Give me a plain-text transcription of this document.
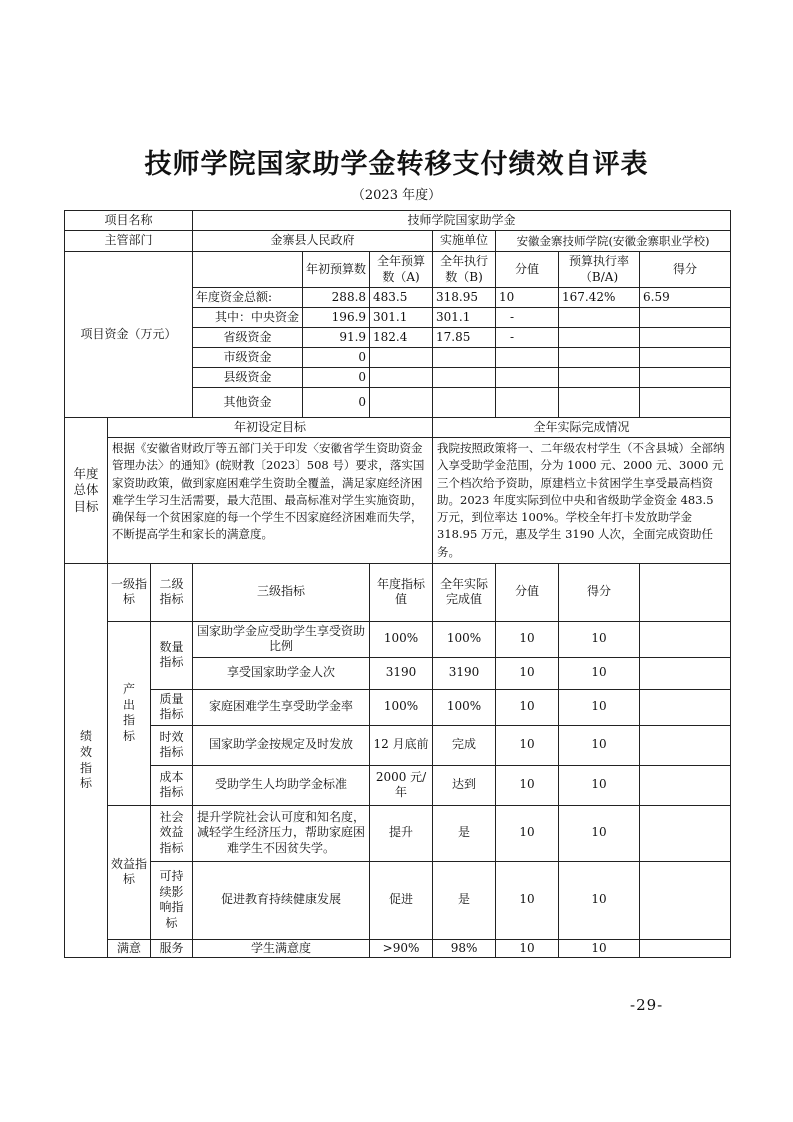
技师学院国家助学金转移支付绩效自评表
（2023 年度）
项目名称			技师学院国家助学金						
主管部门			金寨县人民政府			实施单位	安徽金寨技师学院(安徽金寨职业学校)		
项目资金（万元）				年初预算数	全年预算数（A)	全年执行数（B)	分值	预算执行率（B/A)	得分
			年度资金总额:	288.8	483.5	318.95	10	167.42%	6.59
			其中：中央资金	196.9	301.1	301.1	-		
			省级资金	91.9	182.4	17.85	-		
			市级资金	0					
			县级资金	0					
			其他资金	0					
年度总体目标	年初设定目标					全年实际完成情况			
	根据《安徽省财政厅等五部门关于印发〈安徽省学生资助资金管理办法〉的通知》(皖财教〔2023〕508 号）要求，落实国家资助政策，做到家庭困难学生资助全覆盖，满足家庭经济困难学生学习生活需要，最大范围、最高标准对学生实施资助，确保每一个贫困家庭的每一个学生不因家庭经济困难而失学，不断提高学生和家长的满意度。					我院按照政策将一、二年级农村学生（不含县城）全部纳入享受助学金范围，分为 1000 元、2000 元、3000 元三个档次给予资助，原建档立卡贫困学生享受最高档资助。2023 年度实际到位中央和省级助学金资金 483.5 万元，到位率达 100%。学校全年打卡发放助学金 318.95 万元，惠及学生 3190 人次，全面完成资助任务。			
绩效指标	一级指标	二级指标	三级指标		年度指标值	全年实际完成值	分值	得分	
	产出指标	数量指标	国家助学金应受助学生享受资助比例		100%	100%	10	10	
			享受国家助学金人次		3190	3190	10	10	
		质量指标	家庭困难学生享受助学金率		100%	100%	10	10	
		时效指标	国家助学金按规定及时发放		12 月底前	完成	10	10	
		成本指标	受助学生人均助学金标准		2000 元/年	达到	10	10	
	效益指标	社会效益指标	提升学院社会认可度和知名度，减轻学生经济压力，帮助家庭困难学生不因贫失学。		提升	是	10	10	
		可持续影响指标	促进教育持续健康发展		促进	是	10	10	
	满意	服务	学生满意度		>90%	98%	10	10	
-29-
